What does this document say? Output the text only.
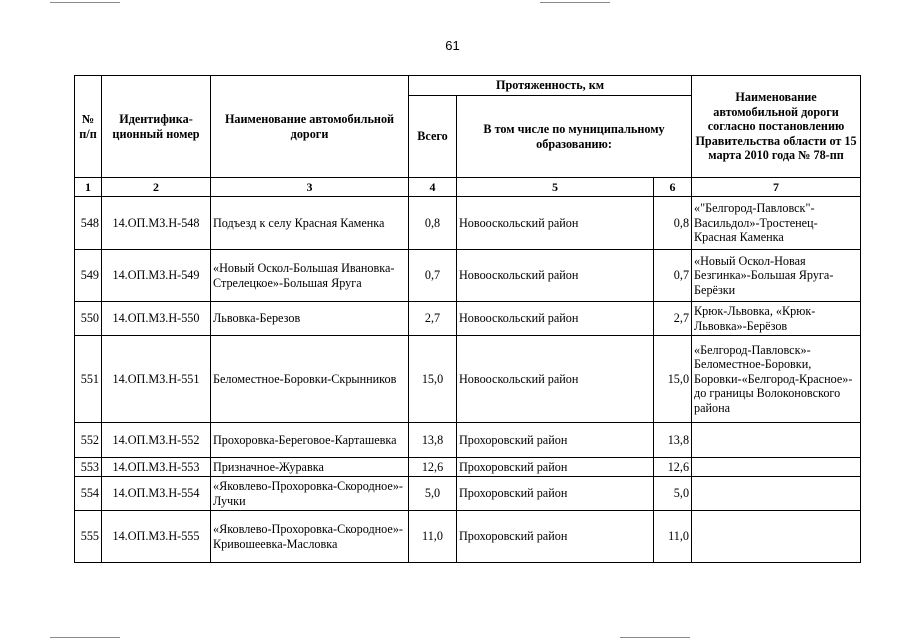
61
№ п/п	Идентифика-ционный номер	Наименование автомобильной дороги	Протяженность, км			Наименование автомобильной дороги согласно постановлению Правительства области от 15 марта 2010 года № 78-пп
			Всего	В том числе по муниципальному образованию:		
1	2	3	4	5	6	7
548	14.ОП.МЗ.Н-548	Подъезд к селу Красная Каменка	0,8	Новооскольский район	0,8	«"Белгород-Павловск"-Васильдол»-Тростенец-Красная Каменка
549	14.ОП.МЗ.Н-549	«Новый Оскол-Большая Ивановка-Стрелецкое»-Большая Яруга	0,7	Новооскольский район	0,7	«Новый Оскол-Новая Безгинка»-Большая Яруга-Берёзки
550	14.ОП.МЗ.Н-550	Львовка-Березов	2,7	Новооскольский район	2,7	Крюк-Львовка, «Крюк-Львовка»-Берёзов
551	14.ОП.МЗ.Н-551	Беломестное-Боровки-Скрынников	15,0	Новооскольский район	15,0	«Белгород-Павловск»-Беломестное-Боровки, Боровки-«Белгород-Красное»-до границы Волоконовского района
552	14.ОП.МЗ.Н-552	Прохоровка-Береговое-Карташевка	13,8	Прохоровский район	13,8	
553	14.ОП.МЗ.Н-553	Призначное-Журавка	12,6	Прохоровский район	12,6	
554	14.ОП.МЗ.Н-554	«Яковлево-Прохоровка-Скородное»-Лучки	5,0	Прохоровский район	5,0	
555	14.ОП.МЗ.Н-555	«Яковлево-Прохоровка-Скородное»-Кривошеевка-Масловка	11,0	Прохоровский район	11,0	
